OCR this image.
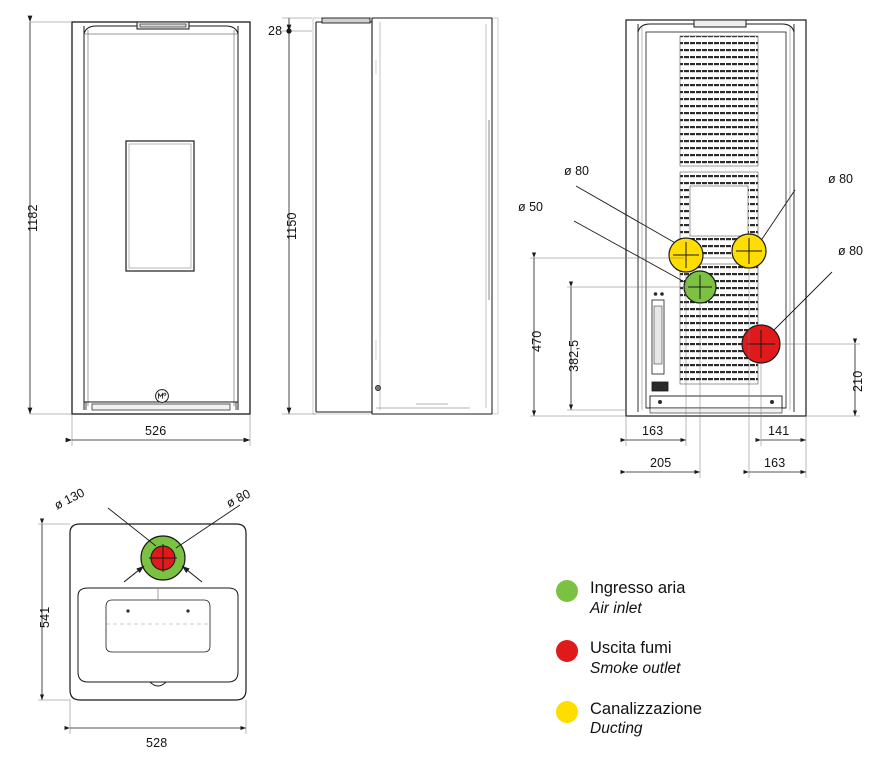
1182
526
1150
28
470 382,5
210
163	141
205	163
541
528
ø 80
ø 50
ø 80
ø 80
ø 130	ø 80
Ingresso aria
Air inlet
Uscita fumi
Smoke outlet
Canalizzazione
Ducting
